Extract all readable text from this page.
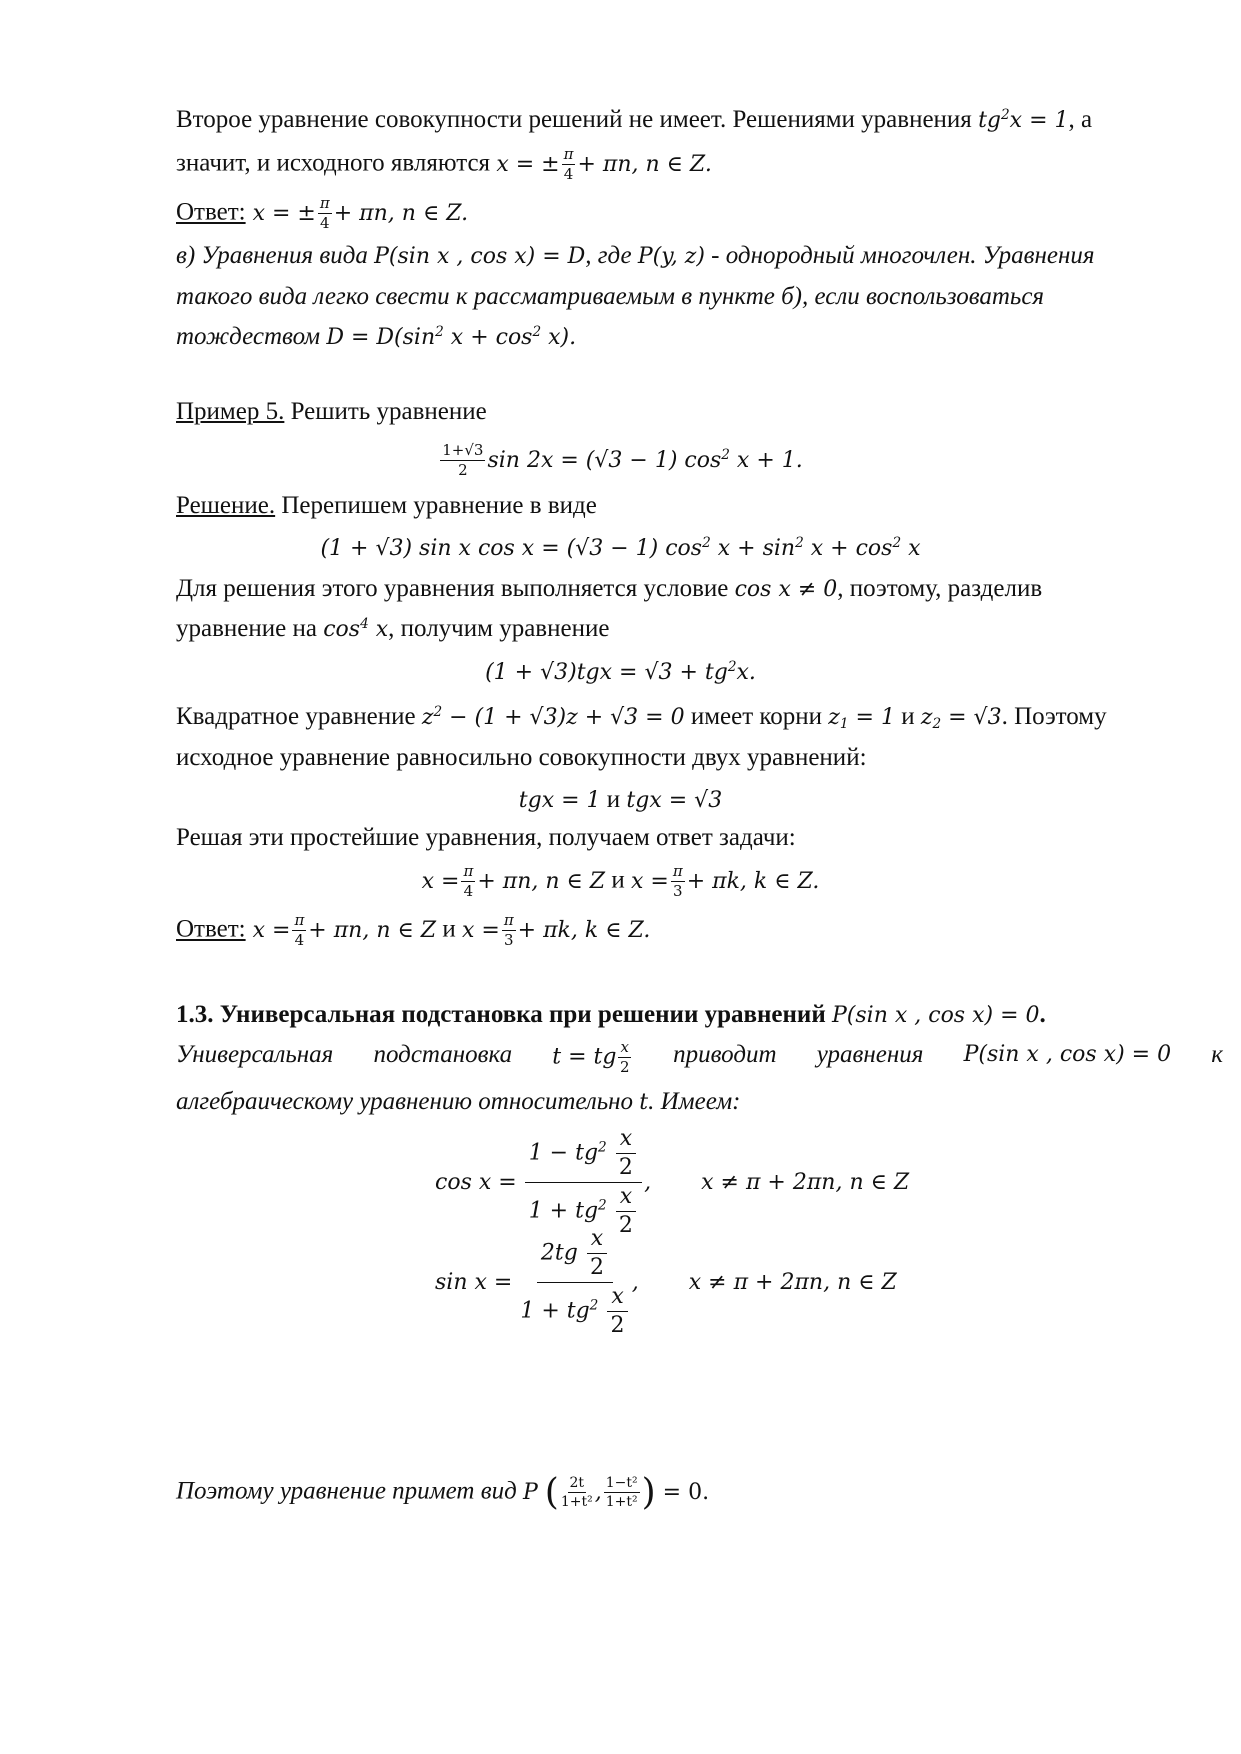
Второе уравнение совокупности решений не имеет. Решениями уравнения $tg^2x = 1$, а
значит, и исходного являются x = ± $\frac{\pi}{4} + \pi n$, n ∈ Z.
Ответ: x = ± $\frac{\pi}{4} + \pi n$, n ∈ Z.
в) Уравнения вида P(sin x , cos x) = D, где P(y, z) - однородный многочлен. Уравнения
такого вида легко свести к рассматриваемым в пункте б), если воспользоваться
тождеством $D = D(\sin^2$ $x + \cos^2 x$).
Пример 5. Решить уравнение
$\frac{1+√3}{2}$ sin 2x = (√3 − 1) $\cos^2 x + 1$.
Решение. Перепишем уравнение в виде
(1 + √3) sin x cos x = (√3 − 1) $\cos^2 x + \sin^2 x + \cos^2 x$
Для решения этого уравнения выполняется условие cos x ≠ 0, поэтому, разделив
уравнение на $\cos^4 x$, получим уравнение
$(1 + √3)tgx = √3 + tg^2x$.
Квадратное уравнение $z^2 - (1 + √3)z + √3 = 0$ имеет корни $z_1 = 1$ и $z_2 = √3$. Поэтому
исходное уравнение равносильно совокупности двух уравнений:
tgx = 1 и tgx = √3
Решая эти простейшие уравнения, получаем ответ задачи:
$x = \frac{\pi}{4} + \pi n$, n ∈ Z и $x = \frac{\pi}{3} + \pi k$, k ∈ Z.
Ответ: $x = \frac{\pi}{4} + \pi n$, n ∈ Z и $x = \frac{\pi}{3} + \pi k$, k ∈ Z.
1.3. Универсальная подстановка при решении уравнений P(sin x , cos x) = 0.
Универсальная подстановка t = tg $\frac{x}{2}$ приводит уравнения P(sin x , cos x) = 0 к
алгебраическому уравнению относительно t. Имеем:
$\cos x = \frac{1 - tg^2 \frac{x}{2}}{1 + tg^2 \frac{x}{2}}$ , x ≠ π + 2πn, n ∈ Z
$\sin x = \frac{2tg \frac{x}{2}}{1 + tg^2 \frac{x}{2}}$ , x ≠ π + 2πn, n ∈ Z
Поэтому уравнение примет вид P ( $\frac{2t}{\text{1+t²}}$ , $\frac{\text{1−t²}}{\text{1+t²}}$ ) = 0.
